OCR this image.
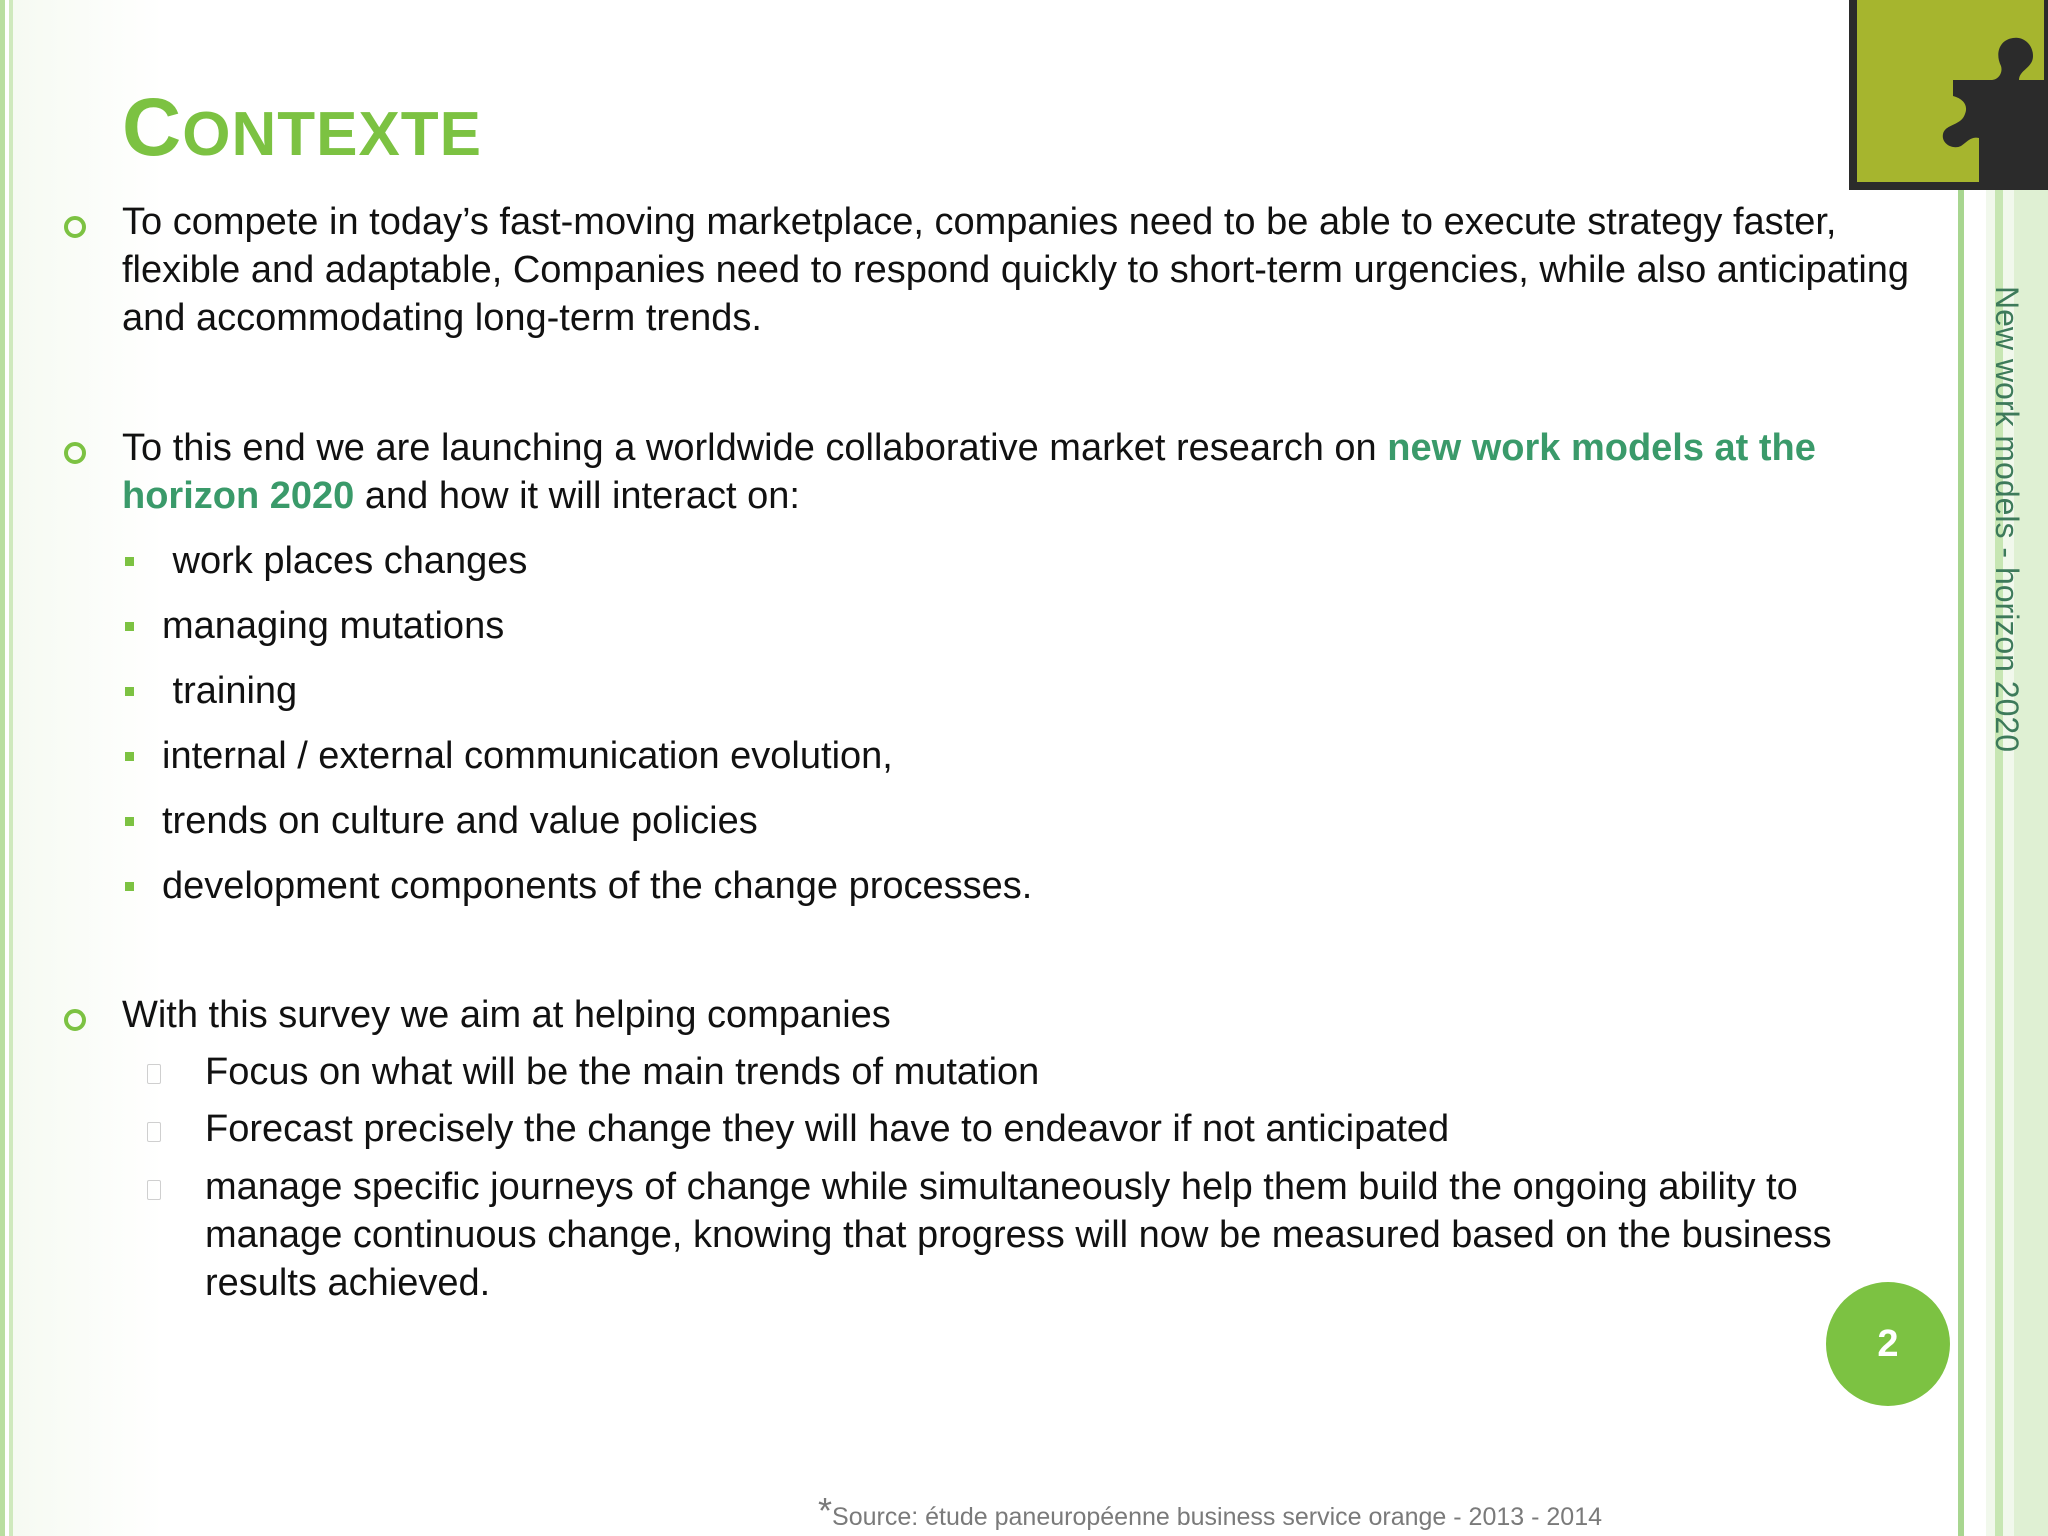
New work models - horizon 2020
CONTEXTE
To compete in today’s fast-moving marketplace, companies need to be able to execute strategy faster, flexible and adaptable, Companies need to respond quickly to short-term urgencies, while also anticipating and accommodating long-term trends.
To this end we are launching a worldwide collaborative market research on new work models at the horizon 2020 and how it will interact on:
work places changes
managing mutations
training
internal / external communication evolution,
trends on culture and value policies
development components of the change processes.
With this survey we aim at helping companies
Focus on what will be the main trends of mutation
Forecast precisely the change they will have to endeavor if not anticipated
manage specific journeys of change while simultaneously help them build the ongoing ability to manage continuous change, knowing that progress will now be measured based on the business results achieved.
2
*Source: étude paneuropéenne business service orange - 2013 - 2014
